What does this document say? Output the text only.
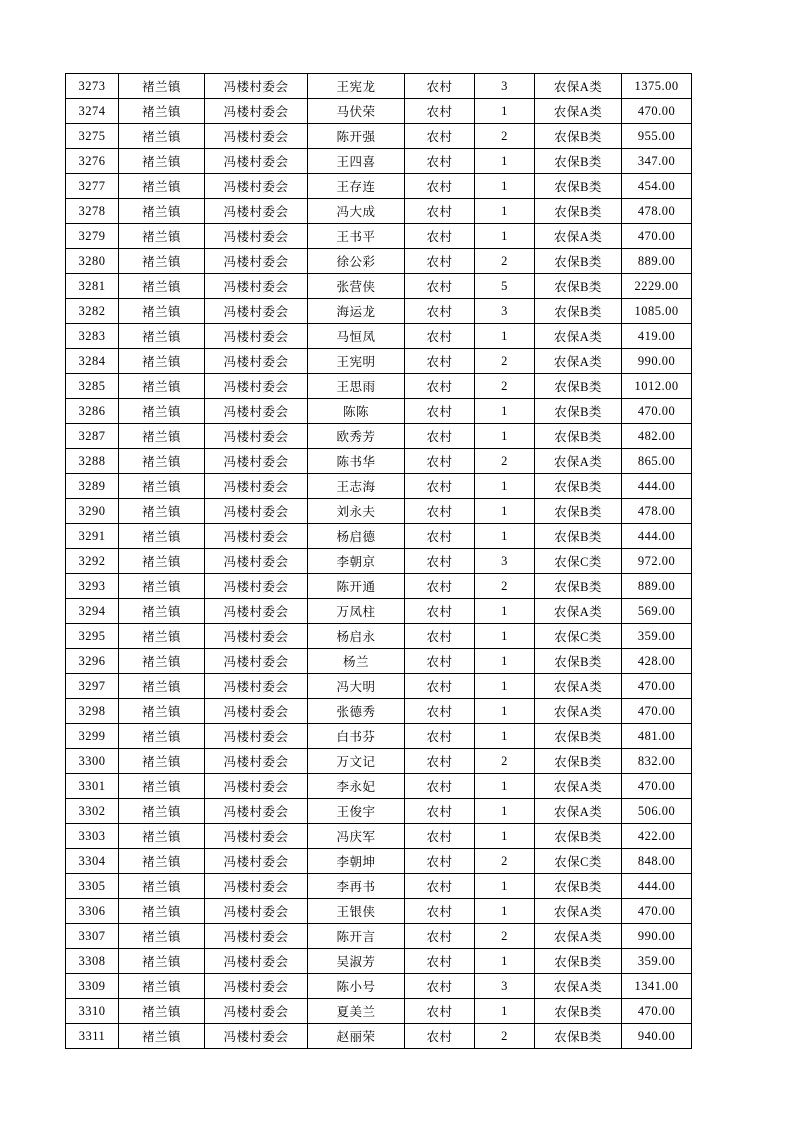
3273	褚兰镇	冯楼村委会	王宪龙	农村	3	农保A类	1375.00
3274	褚兰镇	冯楼村委会	马伏荣	农村	1	农保A类	470.00
3275	褚兰镇	冯楼村委会	陈开强	农村	2	农保B类	955.00
3276	褚兰镇	冯楼村委会	王四喜	农村	1	农保B类	347.00
3277	褚兰镇	冯楼村委会	王存连	农村	1	农保B类	454.00
3278	褚兰镇	冯楼村委会	冯大成	农村	1	农保B类	478.00
3279	褚兰镇	冯楼村委会	王书平	农村	1	农保A类	470.00
3280	褚兰镇	冯楼村委会	徐公彩	农村	2	农保B类	889.00
3281	褚兰镇	冯楼村委会	张营侠	农村	5	农保B类	2229.00
3282	褚兰镇	冯楼村委会	海运龙	农村	3	农保B类	1085.00
3283	褚兰镇	冯楼村委会	马恒凤	农村	1	农保A类	419.00
3284	褚兰镇	冯楼村委会	王宪明	农村	2	农保A类	990.00
3285	褚兰镇	冯楼村委会	王思雨	农村	2	农保B类	1012.00
3286	褚兰镇	冯楼村委会	陈陈	农村	1	农保B类	470.00
3287	褚兰镇	冯楼村委会	欧秀芳	农村	1	农保B类	482.00
3288	褚兰镇	冯楼村委会	陈书华	农村	2	农保A类	865.00
3289	褚兰镇	冯楼村委会	王志海	农村	1	农保B类	444.00
3290	褚兰镇	冯楼村委会	刘永夫	农村	1	农保B类	478.00
3291	褚兰镇	冯楼村委会	杨启德	农村	1	农保B类	444.00
3292	褚兰镇	冯楼村委会	李朝京	农村	3	农保C类	972.00
3293	褚兰镇	冯楼村委会	陈开通	农村	2	农保B类	889.00
3294	褚兰镇	冯楼村委会	万凤柱	农村	1	农保A类	569.00
3295	褚兰镇	冯楼村委会	杨启永	农村	1	农保C类	359.00
3296	褚兰镇	冯楼村委会	杨兰	农村	1	农保B类	428.00
3297	褚兰镇	冯楼村委会	冯大明	农村	1	农保A类	470.00
3298	褚兰镇	冯楼村委会	张德秀	农村	1	农保A类	470.00
3299	褚兰镇	冯楼村委会	白书芬	农村	1	农保B类	481.00
3300	褚兰镇	冯楼村委会	万文记	农村	2	农保B类	832.00
3301	褚兰镇	冯楼村委会	李永妃	农村	1	农保A类	470.00
3302	褚兰镇	冯楼村委会	王俊宇	农村	1	农保A类	506.00
3303	褚兰镇	冯楼村委会	冯庆军	农村	1	农保B类	422.00
3304	褚兰镇	冯楼村委会	李朝坤	农村	2	农保C类	848.00
3305	褚兰镇	冯楼村委会	李再书	农村	1	农保B类	444.00
3306	褚兰镇	冯楼村委会	王银侠	农村	1	农保A类	470.00
3307	褚兰镇	冯楼村委会	陈开言	农村	2	农保A类	990.00
3308	褚兰镇	冯楼村委会	吴淑芳	农村	1	农保B类	359.00
3309	褚兰镇	冯楼村委会	陈小号	农村	3	农保A类	1341.00
3310	褚兰镇	冯楼村委会	夏美兰	农村	1	农保B类	470.00
3311	褚兰镇	冯楼村委会	赵丽荣	农村	2	农保B类	940.00
